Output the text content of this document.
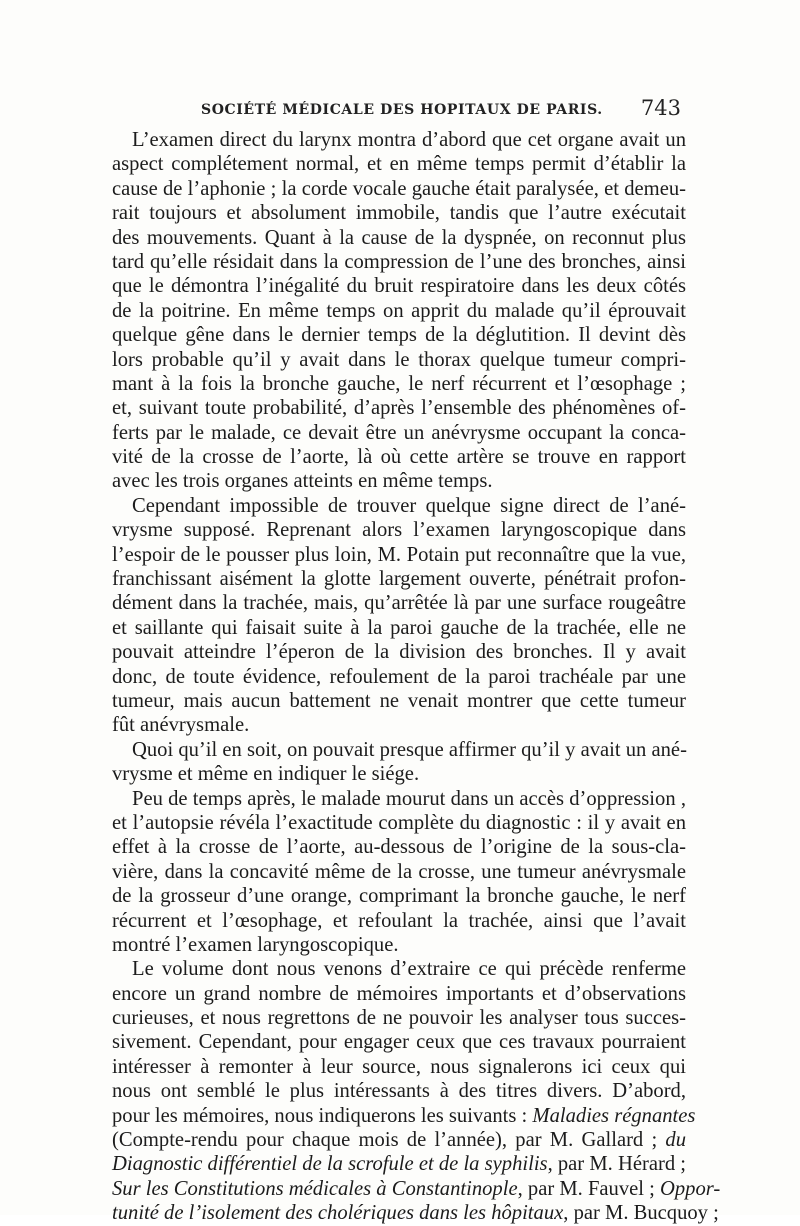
SOCIÉTÉ MÉDICALE DES HOPITAUX DE PARIS. 743
L’examen direct du larynx montra d’abord que cet organe avait un
aspect complétement normal, et en même temps permit d’établir la
cause de l’aphonie ; la corde vocale gauche était paralysée, et demeu-
rait toujours et absolument immobile, tandis que l’autre exécutait
des mouvements. Quant à la cause de la dyspnée, on reconnut plus
tard qu’elle résidait dans la compression de l’une des bronches, ainsi
que le démontra l’inégalité du bruit respiratoire dans les deux côtés
de la poitrine. En même temps on apprit du malade qu’il éprouvait
quelque gêne dans le dernier temps de la déglutition. Il devint dès
lors probable qu’il y avait dans le thorax quelque tumeur compri-
mant à la fois la bronche gauche, le nerf récurrent et l’œsophage ;
et, suivant toute probabilité, d’après l’ensemble des phénomènes of-
ferts par le malade, ce devait être un anévrysme occupant la conca-
vité de la crosse de l’aorte, là où cette artère se trouve en rapport
avec les trois organes atteints en même temps.
Cependant impossible de trouver quelque signe direct de l’ané-
vrysme supposé. Reprenant alors l’examen laryngoscopique dans
l’espoir de le pousser plus loin, M. Potain put reconnaître que la vue,
franchissant aisément la glotte largement ouverte, pénétrait profon-
dément dans la trachée, mais, qu’arrêtée là par une surface rougeâtre
et saillante qui faisait suite à la paroi gauche de la trachée, elle ne
pouvait atteindre l’éperon de la division des bronches. Il y avait
donc, de toute évidence, refoulement de la paroi trachéale par une
tumeur, mais aucun battement ne venait montrer que cette tumeur
fût anévrysmale.
Quoi qu’il en soit, on pouvait presque affirmer qu’il y avait un ané-
vrysme et même en indiquer le siége.
Peu de temps après, le malade mourut dans un accès d’oppression ,
et l’autopsie révéla l’exactitude complète du diagnostic : il y avait en
effet à la crosse de l’aorte, au-dessous de l’origine de la sous-cla-
vière, dans la concavité même de la crosse, une tumeur anévrysmale
de la grosseur d’une orange, comprimant la bronche gauche, le nerf
récurrent et l’œsophage, et refoulant la trachée, ainsi que l’avait
montré l’examen laryngoscopique.
Le volume dont nous venons d’extraire ce qui précède renferme
encore un grand nombre de mémoires importants et d’observations
curieuses, et nous regrettons de ne pouvoir les analyser tous succes-
sivement. Cependant, pour engager ceux que ces travaux pourraient
intéresser à remonter à leur source, nous signalerons ici ceux qui
nous ont semblé le plus intéressants à des titres divers. D’abord,
pour les mémoires, nous indiquerons les suivants : Maladies régnantes
(Compte-rendu pour chaque mois de l’année), par M. Gallard ; du
Diagnostic différentiel de la scrofule et de la syphilis, par M. Hérard ;
Sur les Constitutions médicales à Constantinople, par M. Fauvel ; Oppor-
tunité de l’isolement des cholériques dans les hôpitaux, par M. Bucquoy ;
